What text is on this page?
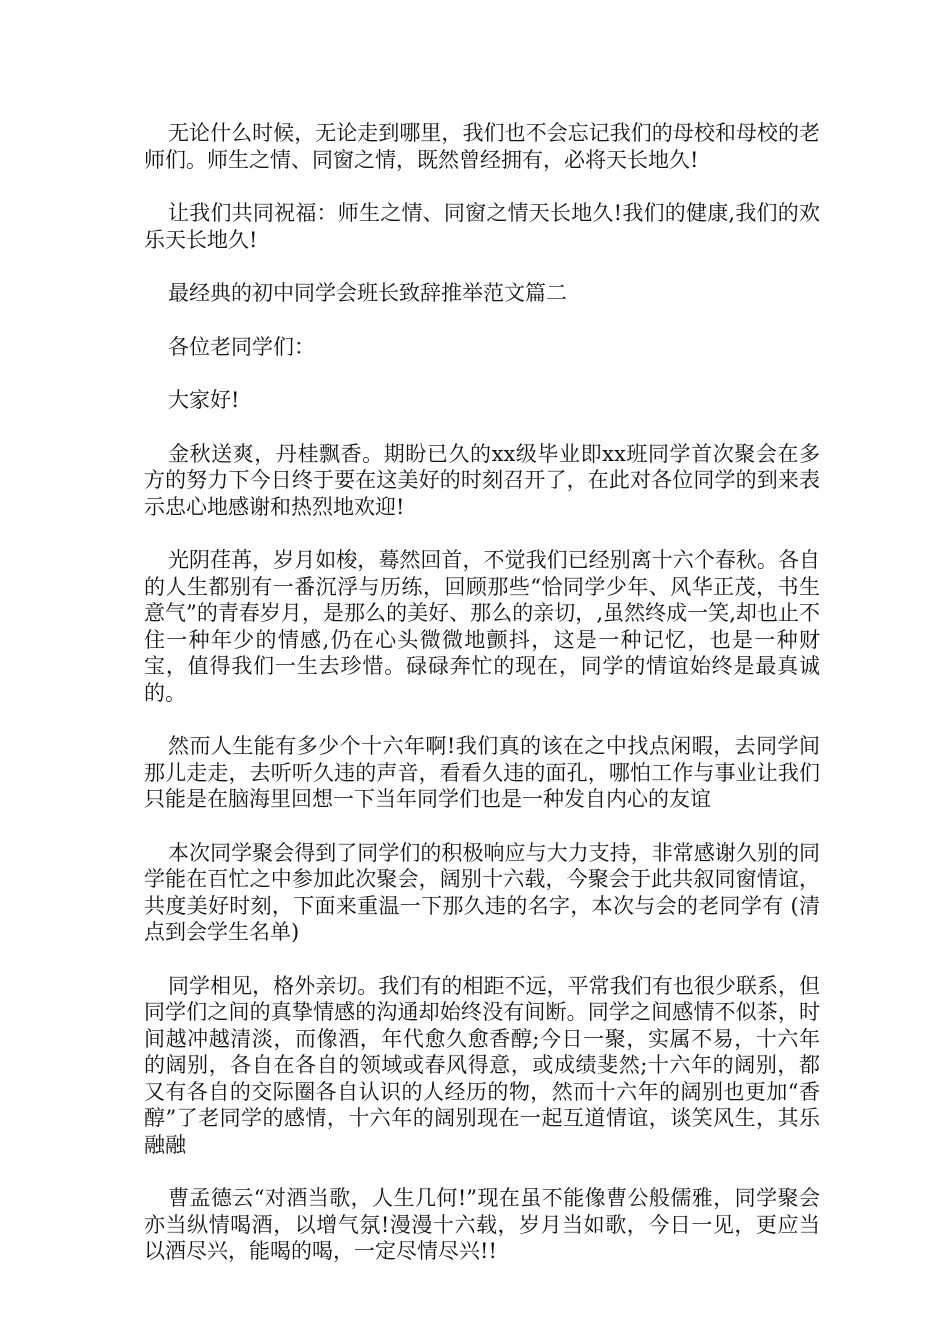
无论什么时候，无论走到哪里，我们也不会忘记我们的母校和母校的老师们。师生之情、同窗之情，既然曾经拥有，必将天长地久!

让我们共同祝福：师生之情、同窗之情天长地久!我们的健康,我们的欢乐天长地久!

最经典的初中同学会班长致辞推举范文篇二

各位老同学们：

大家好!

金秋送爽，丹桂飘香。期盼已久的xx级毕业即xx班同学首次聚会在多方的努力下今日终于要在这美好的时刻召开了，在此对各位同学的到来表示忠心地感谢和热烈地欢迎!

光阴荏苒，岁月如梭，蓦然回首，不觉我们已经别离十六个春秋。各自的人生都别有一番沉浮与历练，回顾那些“恰同学少年、风华正茂，书生意气”的青春岁月，是那么的美好、那么的亲切，,虽然终成一笑,却也止不住一种年少的情感,仍在心头微微地颤抖，这是一种记忆，也是一种财宝，值得我们一生去珍惜。碌碌奔忙的现在，同学的情谊始终是最真诚的。

然而人生能有多少个十六年啊!我们真的该在之中找点闲暇，去同学间那儿走走，去听听久违的声音，看看久违的面孔，哪怕工作与事业让我们只能是在脑海里回想一下当年同学们也是一种发自内心的友谊

本次同学聚会得到了同学们的积极响应与大力支持，非常感谢久别的同学能在百忙之中参加此次聚会，阔别十六载，今聚会于此共叙同窗情谊，共度美好时刻，下面来重温一下那久违的名字，本次与会的老同学有 (清点到会学生名单)

同学相见，格外亲切。我们有的相距不远，平常我们有也很少联系，但同学们之间的真挚情感的沟通却始终没有间断。同学之间感情不似茶，时间越冲越清淡，而像酒，年代愈久愈香醇;今日一聚，实属不易，十六年的阔别，各自在各自的领域或春风得意，或成绩斐然;十六年的阔别，都又有各自的交际圈各自认识的人经历的物，然而十六年的阔别也更加“香醇”了老同学的感情，十六年的阔别现在一起互道情谊，谈笑风生，其乐融融

曹孟德云“对酒当歌，人生几何!”现在虽不能像曹公般儒雅，同学聚会亦当纵情喝酒，以增气氛!漫漫十六载，岁月当如歌，今日一见，更应当以酒尽兴，能喝的喝，一定尽情尽兴!!
